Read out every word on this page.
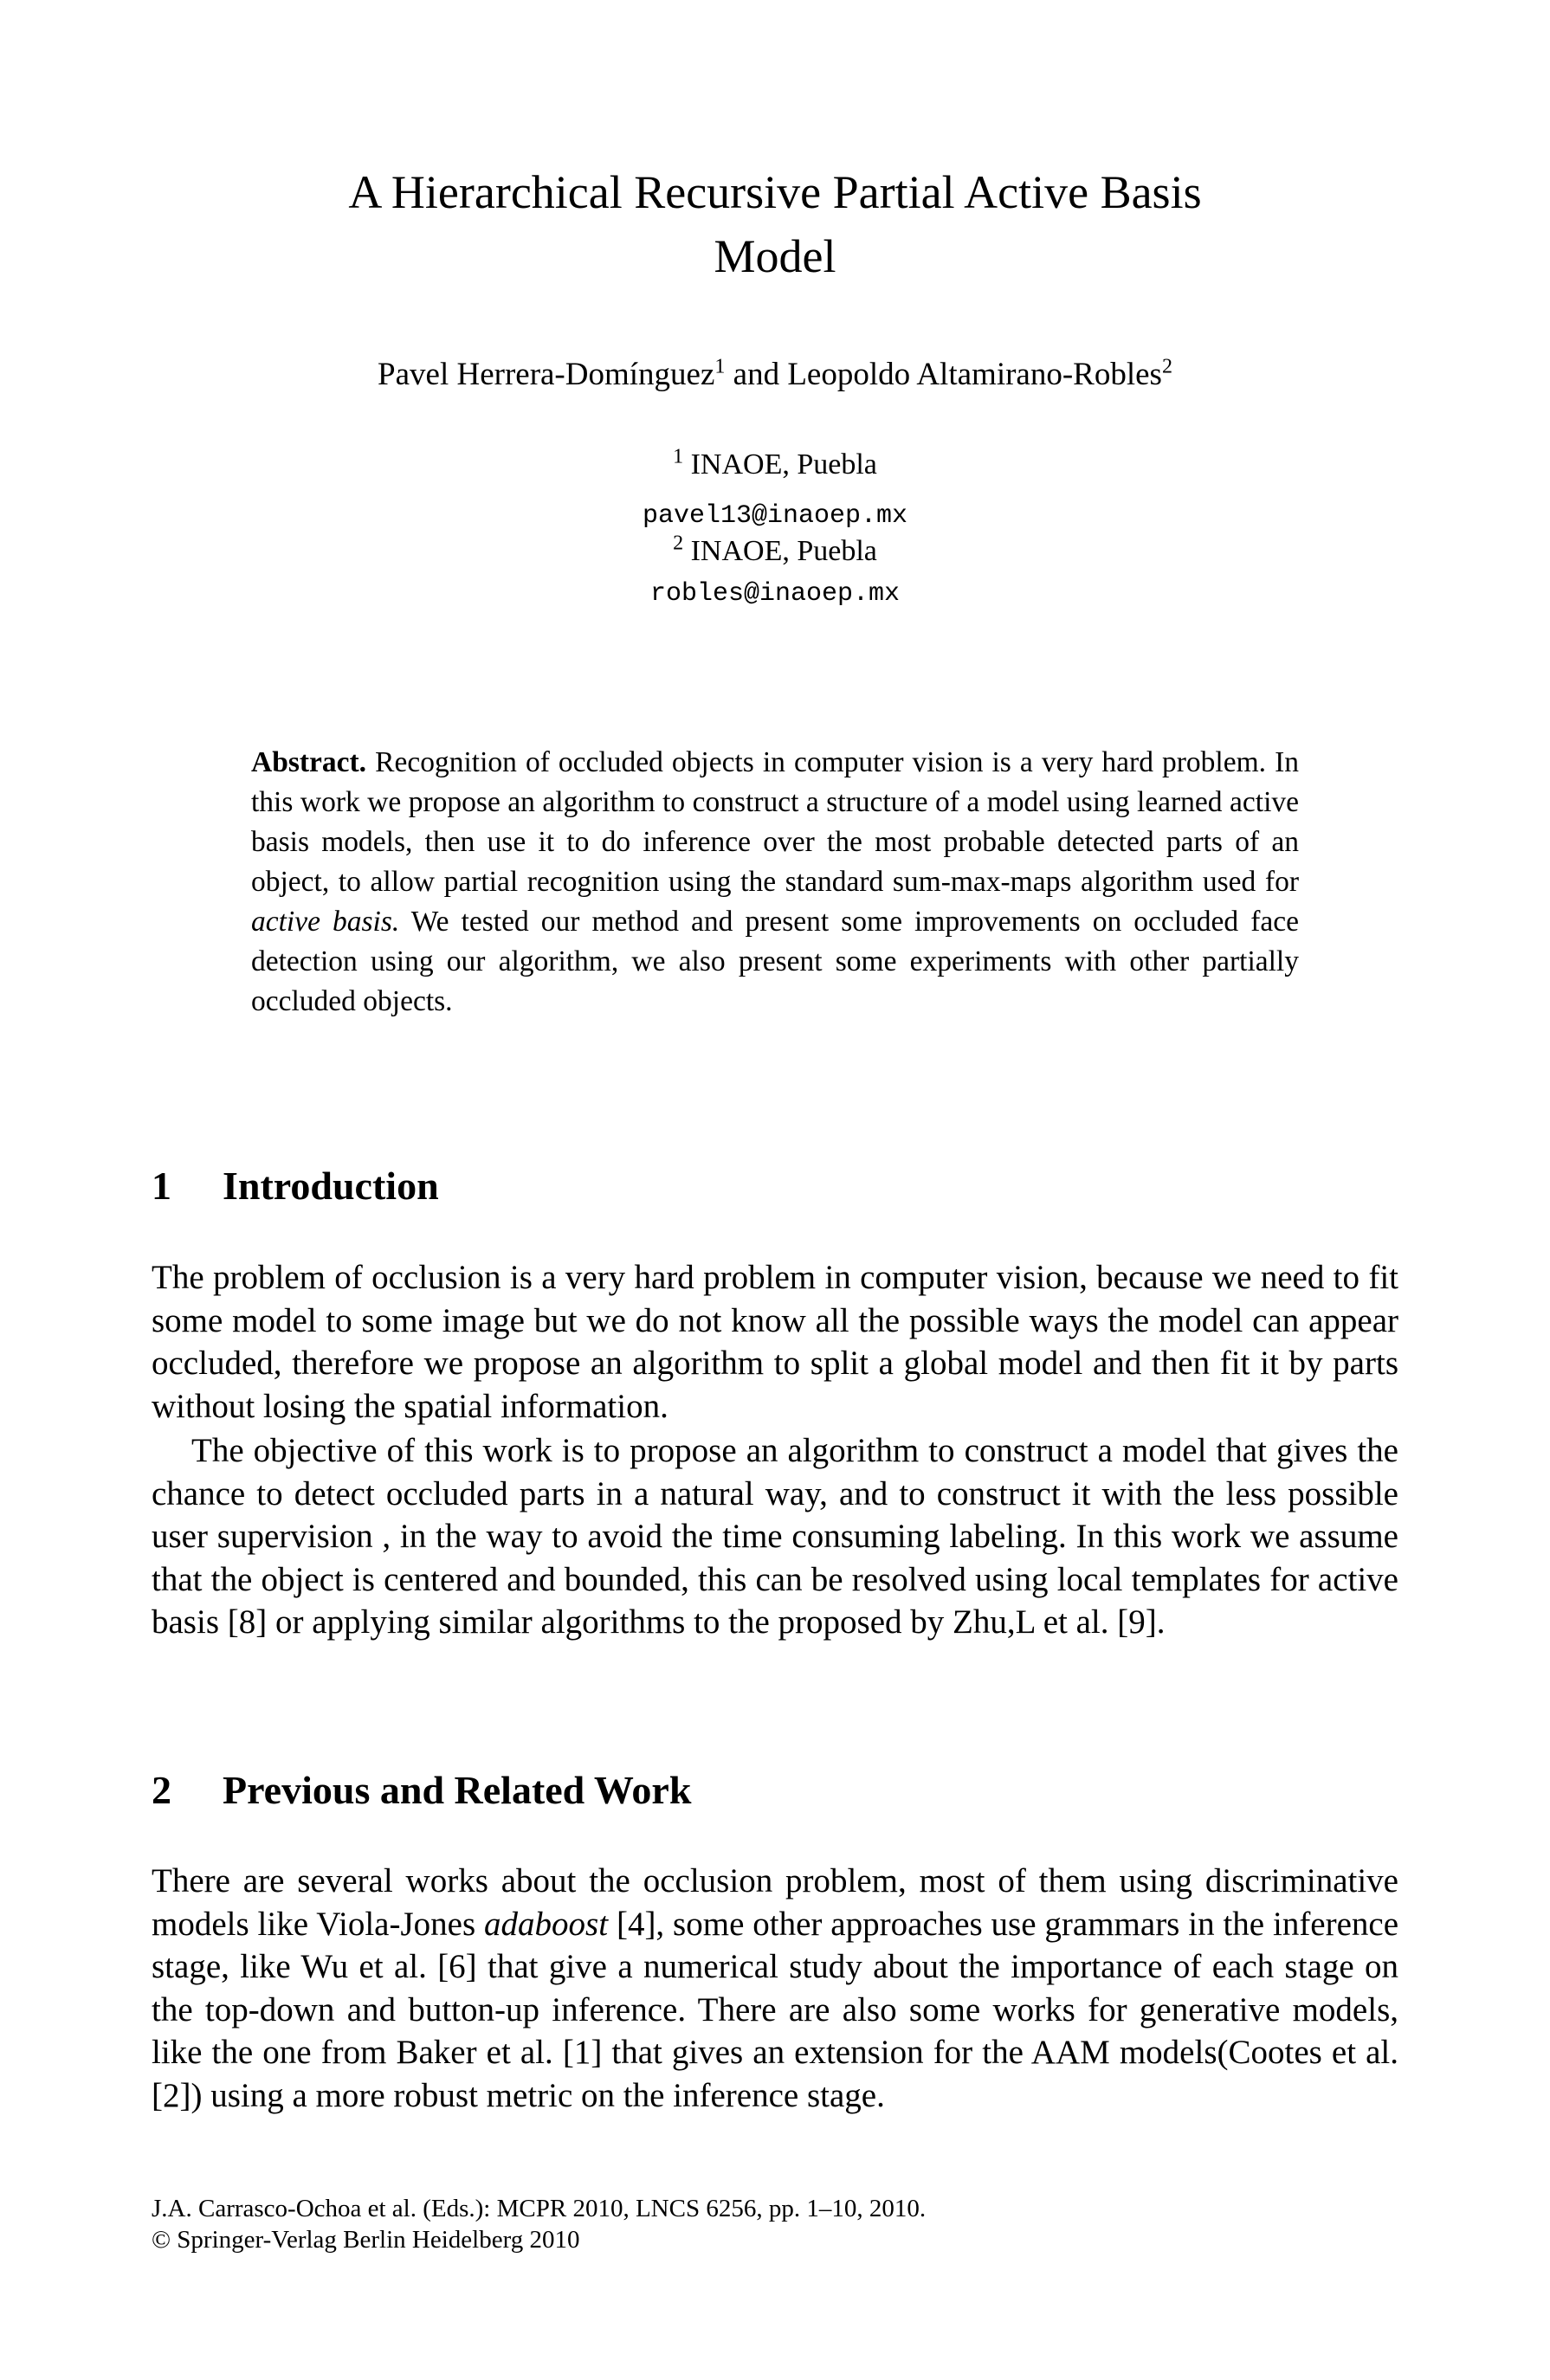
A Hierarchical Recursive Partial Active Basis
Model
Pavel Herrera-Domínguez$^1$ and Leopoldo Altamirano-Robles$^2$
$^1$ INAOE, Puebla
pavel13@inaoep.mx
$^2$ INAOE, Puebla
robles@inaoep.mx

Abstract. Recognition of occluded objects in computer vision is a very hard problem. In this work we propose an algorithm to construct a structure of a model using learned active basis models, then use it to do inference over the most probable detected parts of an object, to allow partial recognition using the standard sum-max-maps algorithm used for active basis. We tested our method and present some improvements on occluded face detection using our algorithm, we also present some experiments with other partially occluded objects.

1 Introduction

The problem of occlusion is a very hard problem in computer vision, because we need to fit some model to some image but we do not know all the possible ways the model can appear occluded, therefore we propose an algorithm to split a global model and then fit it by parts without losing the spatial information.

The objective of this work is to propose an algorithm to construct a model that gives the chance to detect occluded parts in a natural way, and to construct it with the less possible user supervision , in the way to avoid the time consuming labeling. In this work we assume that the object is centered and bounded, this can be resolved using local templates for active basis [8] or applying similar algorithms to the proposed by Zhu,L et al. [9].

2 Previous and Related Work

There are several works about the occlusion problem, most of them using discriminative models like Viola-Jones adaboost [4], some other approaches use grammars in the inference stage, like Wu et al. [6] that give a numerical study about the importance of each stage on the top-down and button-up inference. There are also some works for generative models, like the one from Baker et al. [1] that gives an extension for the AAM models(Cootes et al.[2]) using a more robust metric on the inference stage.

J.A. Carrasco-Ochoa et al. (Eds.): MCPR 2010, LNCS 6256, pp. 1–10, 2010.
© Springer-Verlag Berlin Heidelberg 2010
